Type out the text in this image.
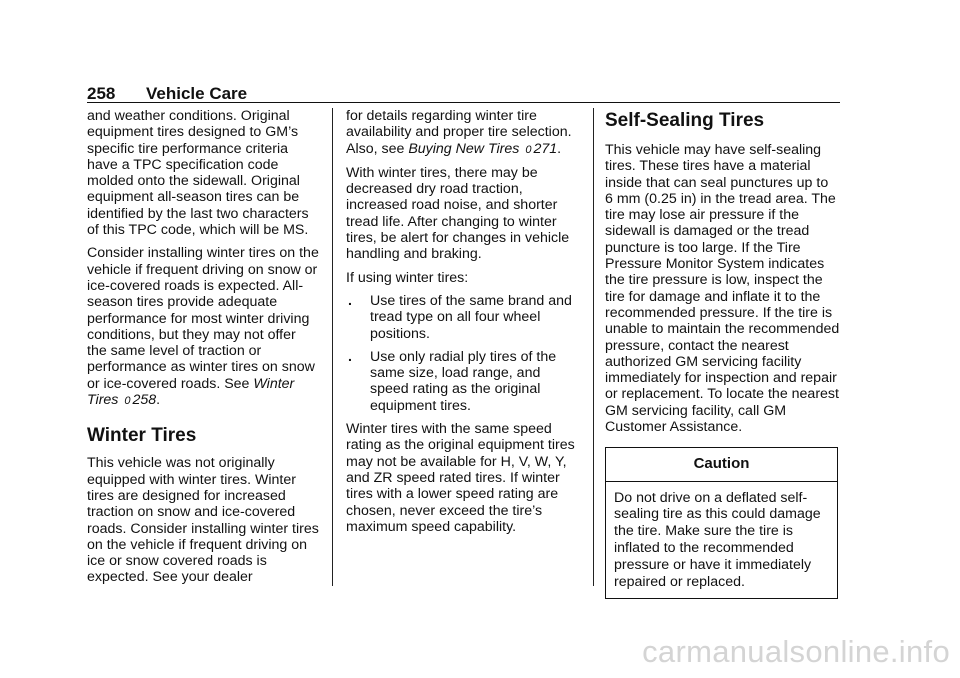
258 Vehicle Care

and weather conditions. Original equipment tires designed to GM’s specific tire performance criteria have a TPC specification code molded onto the sidewall. Original equipment all-season tires can be identified by the last two characters of this TPC code, which will be MS.

Consider installing winter tires on the vehicle if frequent driving on snow or ice-covered roads is expected. All-season tires provide adequate performance for most winter driving conditions, but they may not offer the same level of traction or performance as winter tires on snow or ice-covered roads. See Winter Tires 0 258.

Winter Tires

This vehicle was not originally equipped with winter tires. Winter tires are designed for increased traction on snow and ice-covered roads. Consider installing winter tires on the vehicle if frequent driving on ice or snow covered roads is expected. See your dealer

for details regarding winter tire availability and proper tire selection. Also, see Buying New Tires 0 271.

With winter tires, there may be decreased dry road traction, increased road noise, and shorter tread life. After changing to winter tires, be alert for changes in vehicle handling and braking.

If using winter tires:

. Use tires of the same brand and tread type on all four wheel positions.
. Use only radial ply tires of the same size, load range, and speed rating as the original equipment tires.

Winter tires with the same speed rating as the original equipment tires may not be available for H, V, W, Y, and ZR speed rated tires. If winter tires with a lower speed rating are chosen, never exceed the tire’s maximum speed capability.

Self-Sealing Tires

This vehicle may have self-sealing tires. These tires have a material inside that can seal punctures up to 6 mm (0.25 in) in the tread area. The tire may lose air pressure if the sidewall is damaged or the tread puncture is too large. If the Tire Pressure Monitor System indicates the tire pressure is low, inspect the tire for damage and inflate it to the recommended pressure. If the tire is unable to maintain the recommended pressure, contact the nearest authorized GM servicing facility immediately for inspection and repair or replacement. To locate the nearest GM servicing facility, call GM Customer Assistance.

Caution
Do not drive on a deflated self-sealing tire as this could damage the tire. Make sure the tire is inflated to the recommended pressure or have it immediately repaired or replaced.
carmanualsonline.info
